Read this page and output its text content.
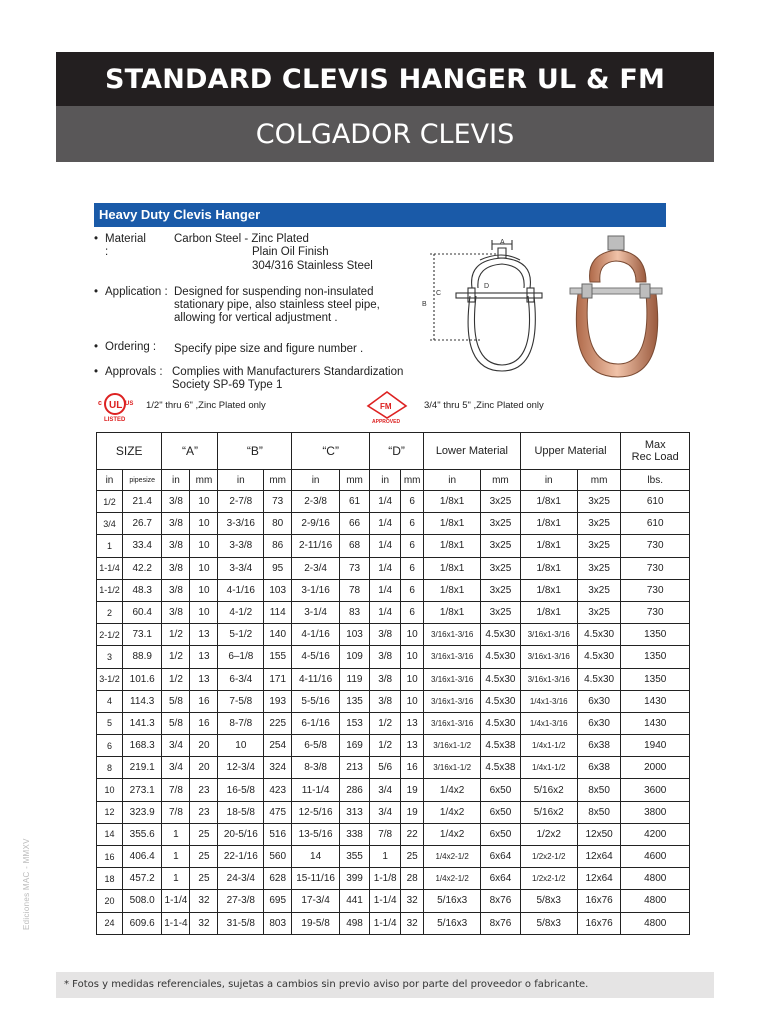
STANDARD CLEVIS HANGER UL & FM
COLGADOR CLEVIS
Ediciones MAC - MMXV
Heavy Duty Clevis Hanger
• Material :
Carbon Steel - Zinc Plated
Plain Oil Finish
304/316 Stainless Steel
• Application : Designed for suspending non-insulated
stationary pipe, also stainless steel pipe,
allowing for vertical adjustment .
• Ordering : Specify pipe size and figure number .
• Approvals : Complies with Manufacturers Standardization
Society SP-69 Type 1
A
C
B
D
UL
c	US
LISTED
1/2" thru 6" ,Zinc Plated only	FM
APPROVED
3/4" thru 5" ,Zinc Plated only
SIZE		“A”		“B”		“C”		“D”		Lower Material		Upper Material		Max
Rec Load

in	pipesize	in	mm	in	mm	in	mm	in	mm	in	mm	in	mm	lbs.
1/2	21.4	3/8	10	2-7/8	73	2-3/8	61	1/4	6	1/8x1	3x25	1/8x1	3x25	610
3/4	26.7	3/8	10	3-3/16	80	2-9/16	66	1/4	6	1/8x1	3x25	1/8x1	3x25	610
1	33.4	3/8	10	3-3/8	86	2-11/16	68	1/4	6	1/8x1	3x25	1/8x1	3x25	730
1-1/4	42.2	3/8	10	3-3/4	95	2-3/4	73	1/4	6	1/8x1	3x25	1/8x1	3x25	730
1-1/2	48.3	3/8	10	4-1/16	103	3-1/16	78	1/4	6	1/8x1	3x25	1/8x1	3x25	730
2	60.4	3/8	10	4-1/2	114	3-1/4	83	1/4	6	1/8x1	3x25	1/8x1	3x25	730
2-1/2	73.1	1/2	13	5-1/2	140	4-1/16	103	3/8	10	3/16x1-3/16	4.5x30	3/16x1-3/16	4.5x30	1350
3	88.9	1/2	13	6–1/8	155	4-5/16	109	3/8	10	3/16x1-3/16	4.5x30	3/16x1-3/16	4.5x30	1350
3-1/2	101.6	1/2	13	6-3/4	171	4-11/16	119	3/8	10	3/16x1-3/16	4.5x30	3/16x1-3/16	4.5x30	1350
4	114.3	5/8	16	7-5/8	193	5-5/16	135	3/8	10	3/16x1-3/16	4.5x30	1/4x1-3/16	6x30	1430
5	141.3	5/8	16	8-7/8	225	6-1/16	153	1/2	13	3/16x1-3/16	4.5x30	1/4x1-3/16	6x30	1430
6	168.3	3/4	20	10	254	6-5/8	169	1/2	13	3/16x1-1/2	4.5x38	1/4x1-1/2	6x38	1940
8	219.1	3/4	20	12-3/4	324	8-3/8	213	5/6	16	3/16x1-1/2	4.5x38	1/4x1-1/2	6x38	2000
10	273.1	7/8	23	16-5/8	423	11-1/4	286	3/4	19	1/4x2	6x50	5/16x2	8x50	3600
12	323.9	7/8	23	18-5/8	475	12-5/16	313	3/4	19	1/4x2	6x50	5/16x2	8x50	3800
14	355.6	1	25	20-5/16	516	13-5/16	338	7/8	22	1/4x2	6x50	1/2x2	12x50	4200
16	406.4	1	25	22-1/16	560	14	355	1	25	1/4x2-1/2	6x64	1/2x2-1/2	12x64	4600
18	457.2	1	25	24-3/4	628	15-11/16	399	1-1/8	28	1/4x2-1/2	6x64	1/2x2-1/2	12x64	4800
20	508.0	1-1/4	32	27-3/8	695	17-3/4	441	1-1/4	32	5/16x3	8x76	5/8x3	16x76	4800
24	609.6	1-1-4	32	31-5/8	803	19-5/8	498	1-1/4	32	5/16x3	8x76	5/8x3	16x76	4800
* Fotos y medidas referenciales, sujetas a cambios sin previo aviso por parte del proveedor o fabricante.
